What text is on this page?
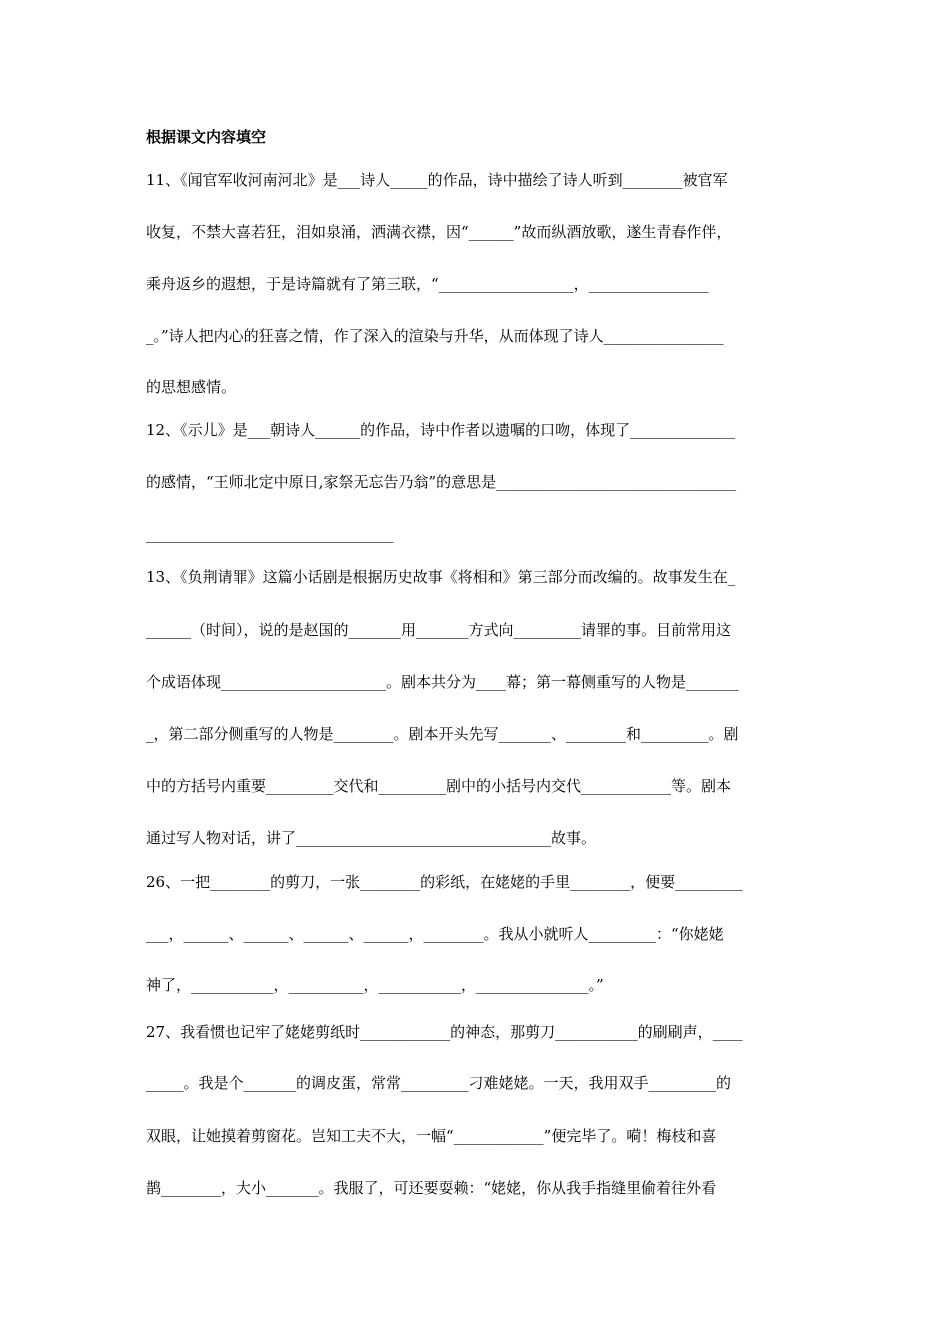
根据课文内容填空
11、《闻官军收河南河北》是___诗人_____的作品，诗中描绘了诗人听到________被官军
收复，不禁大喜若狂，泪如泉涌，洒满衣襟，因“______”故而纵酒放歌，遂生青春作伴，
乘舟返乡的遐想，于是诗篇就有了第三联，“__________________，________________
_。”诗人把内心的狂喜之情，作了深入的渲染与升华，从而体现了诗人________________
的思想感情。
12、《示儿》是___朝诗人______的作品，诗中作者以遗嘱的口吻，体现了______________
的感情，“王师北定中原日,家祭无忘告乃翁”的意思是________________________________
_________________________________
13、《负荆请罪》这篇小话剧是根据历史故事《将相和》第三部分而改编的。故事发生在_
______（时间），说的是赵国的_______用_______方式向_________请罪的事。目前常用这
个成语体现______________________。剧本共分为____幕；第一幕侧重写的人物是_______
_，第二部分侧重写的人物是________。剧本开头先写_______、________和_________。剧
中的方括号内重要_________交代和_________剧中的小括号内交代____________等。剧本
通过写人物对话，讲了__________________________________故事。
26、一把________的剪刀，一张________的彩纸，在姥姥的手里________，便要_________
___，______、______、______、______，________。我从小就听人_________：“你姥姥
神了，___________，__________，___________，_______________。”
27、我看惯也记牢了姥姥剪纸时____________的神态，那剪刀___________的刷刷声，____
_____。我是个_______的调皮蛋，常常_________刁难姥姥。一天，我用双手_________的
双眼，让她摸着剪窗花。岂知工夫不大，一幅“____________”便完毕了。嗬！梅枝和喜
鹊________，大小_______。我服了，可还要耍赖：“姥姥，你从我手指缝里偷着往外看
